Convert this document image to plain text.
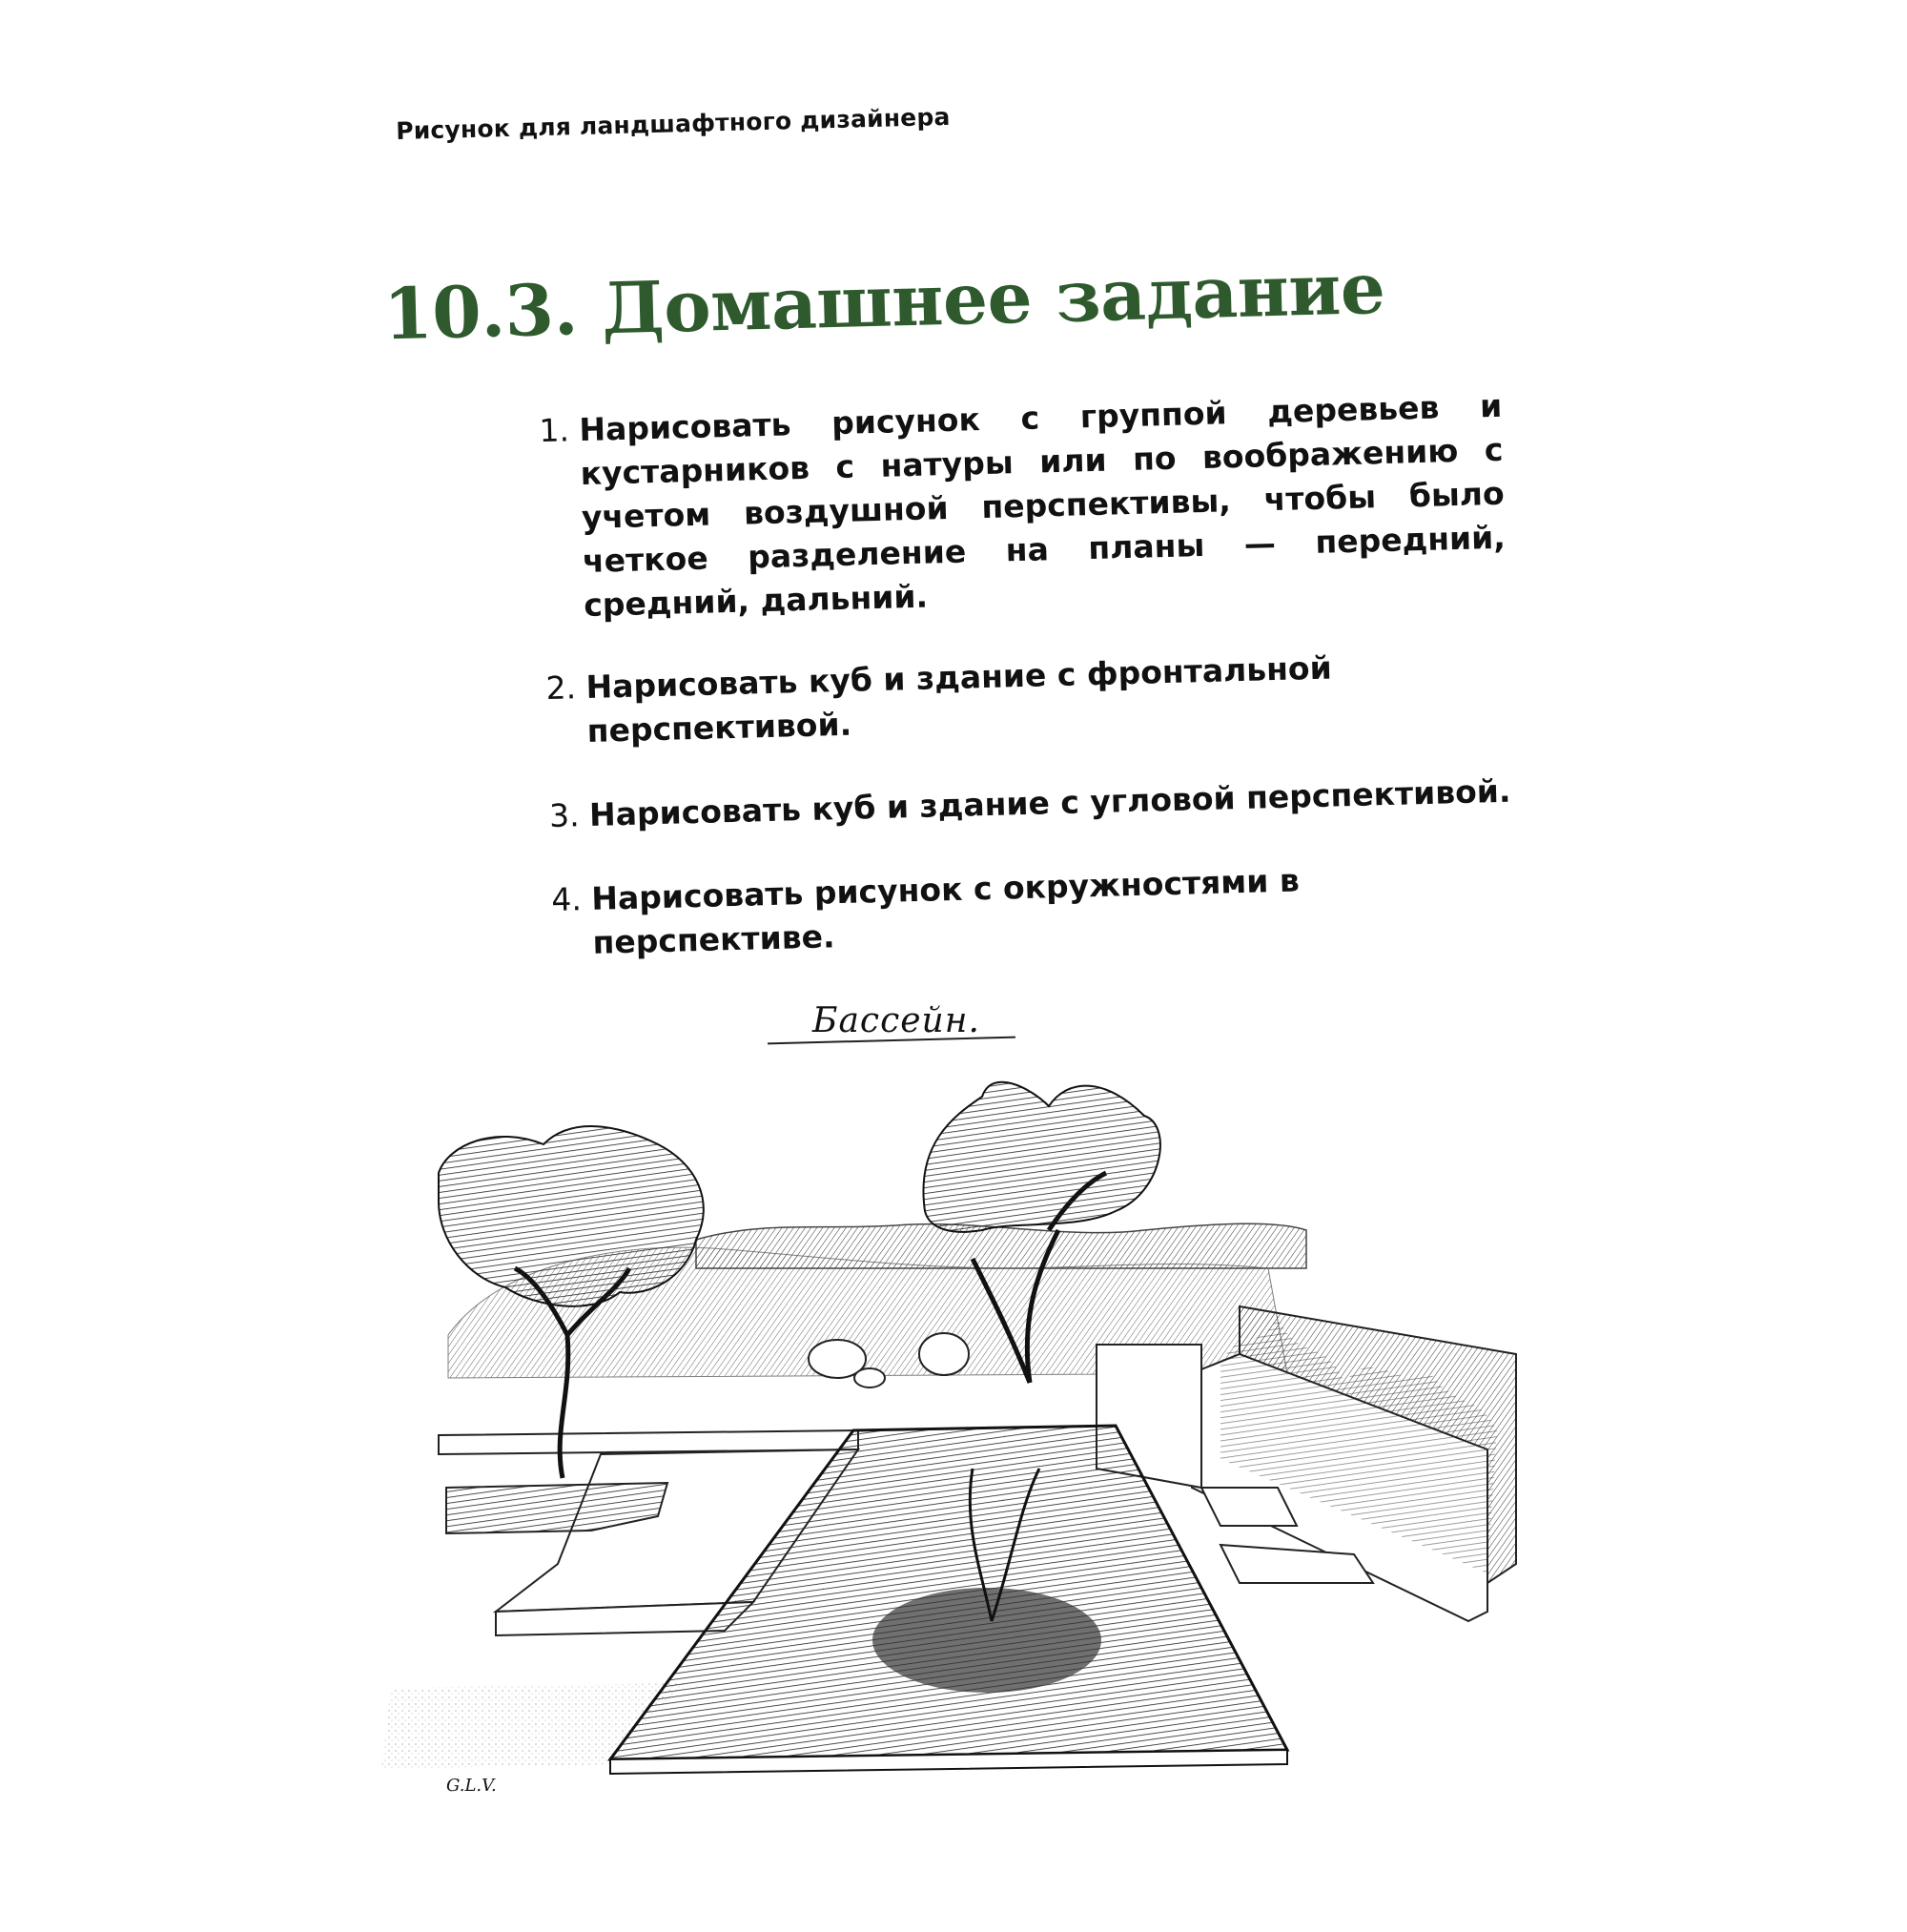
Рисунок для ландшафтного дизайнера
10.3. Домашнее задание
1. Нарисовать рисунок с группой деревьев и кустарников с натуры или по воображению с учетом воздушной перспективы, чтобы было четкое разделение на планы — передний, средний, дальний.
2. Нарисовать куб и здание с фронтальной перспективой.
3. Нарисовать куб и здание с угловой перспективой.
4. Нарисовать рисунок с окружностями в перспективе.
Бассейн.
G.L.V.
